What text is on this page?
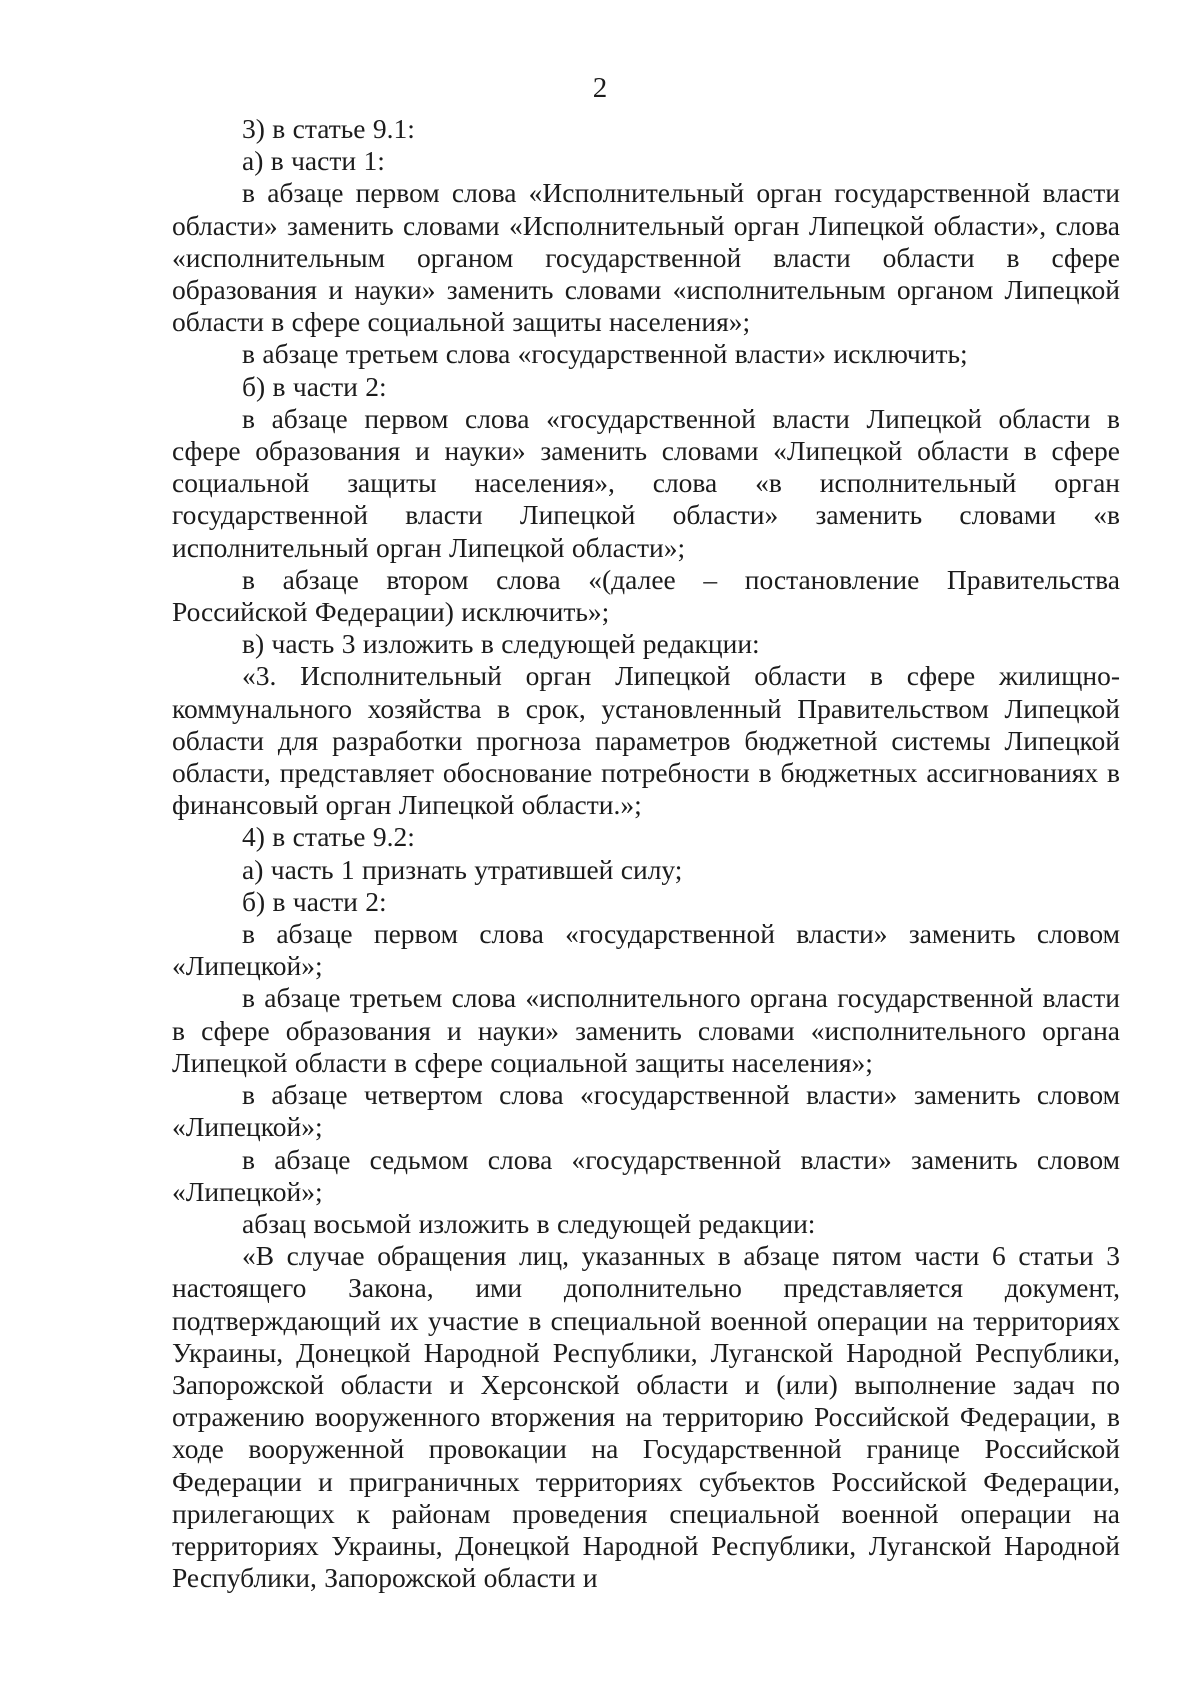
2

3) в статье 9.1:

а) в части 1:

в абзаце первом слова «Исполнительный орган государственной власти области» заменить словами «Исполнительный орган Липецкой области», слова «исполнительным органом государственной власти области в сфере образования и науки» заменить словами «исполнительным органом Липецкой области в сфере социальной защиты населения»;

в абзаце третьем слова «государственной власти» исключить;

б) в части 2:

в абзаце первом слова «государственной власти Липецкой области в сфере образования и науки» заменить словами «Липецкой области в сфере социальной защиты населения», слова «в исполнительный орган государственной власти Липецкой области» заменить словами «в исполнительный орган Липецкой области»;

в абзаце втором слова «(далее – постановление Правительства Российской Федерации) исключить»;

в) часть 3 изложить в следующей редакции:

«3. Исполнительный орган Липецкой области в сфере жилищно-коммунального хозяйства в срок, установленный Правительством Липецкой области для разработки прогноза параметров бюджетной системы Липецкой области, представляет обоснование потребности в бюджетных ассигнованиях в финансовый орган Липецкой области.»;

4) в статье 9.2:

а) часть 1 признать утратившей силу;

б) в части 2:

в абзаце первом слова «государственной власти» заменить словом «Липецкой»;

в абзаце третьем слова «исполнительного органа государственной власти в сфере образования и науки» заменить словами «исполнительного органа Липецкой области в сфере социальной защиты населения»;

в абзаце четвертом слова «государственной власти» заменить словом «Липецкой»;

в абзаце седьмом слова «государственной власти» заменить словом «Липецкой»;

абзац восьмой изложить в следующей редакции:

«В случае обращения лиц, указанных в абзаце пятом части 6 статьи 3 настоящего Закона, ими дополнительно представляется документ, подтверждающий их участие в специальной военной операции на территориях Украины, Донецкой Народной Республики, Луганской Народной Республики, Запорожской области и Херсонской области и (или) выполнение задач по отражению вооруженного вторжения на территорию Российской Федерации, в ходе вооруженной провокации на Государственной границе Российской Федерации и приграничных территориях субъектов Российской Федерации, прилегающих к районам проведения специальной военной операции на территориях Украины, Донецкой Народной Республики, Луганской Народной Республики, Запорожской области и
